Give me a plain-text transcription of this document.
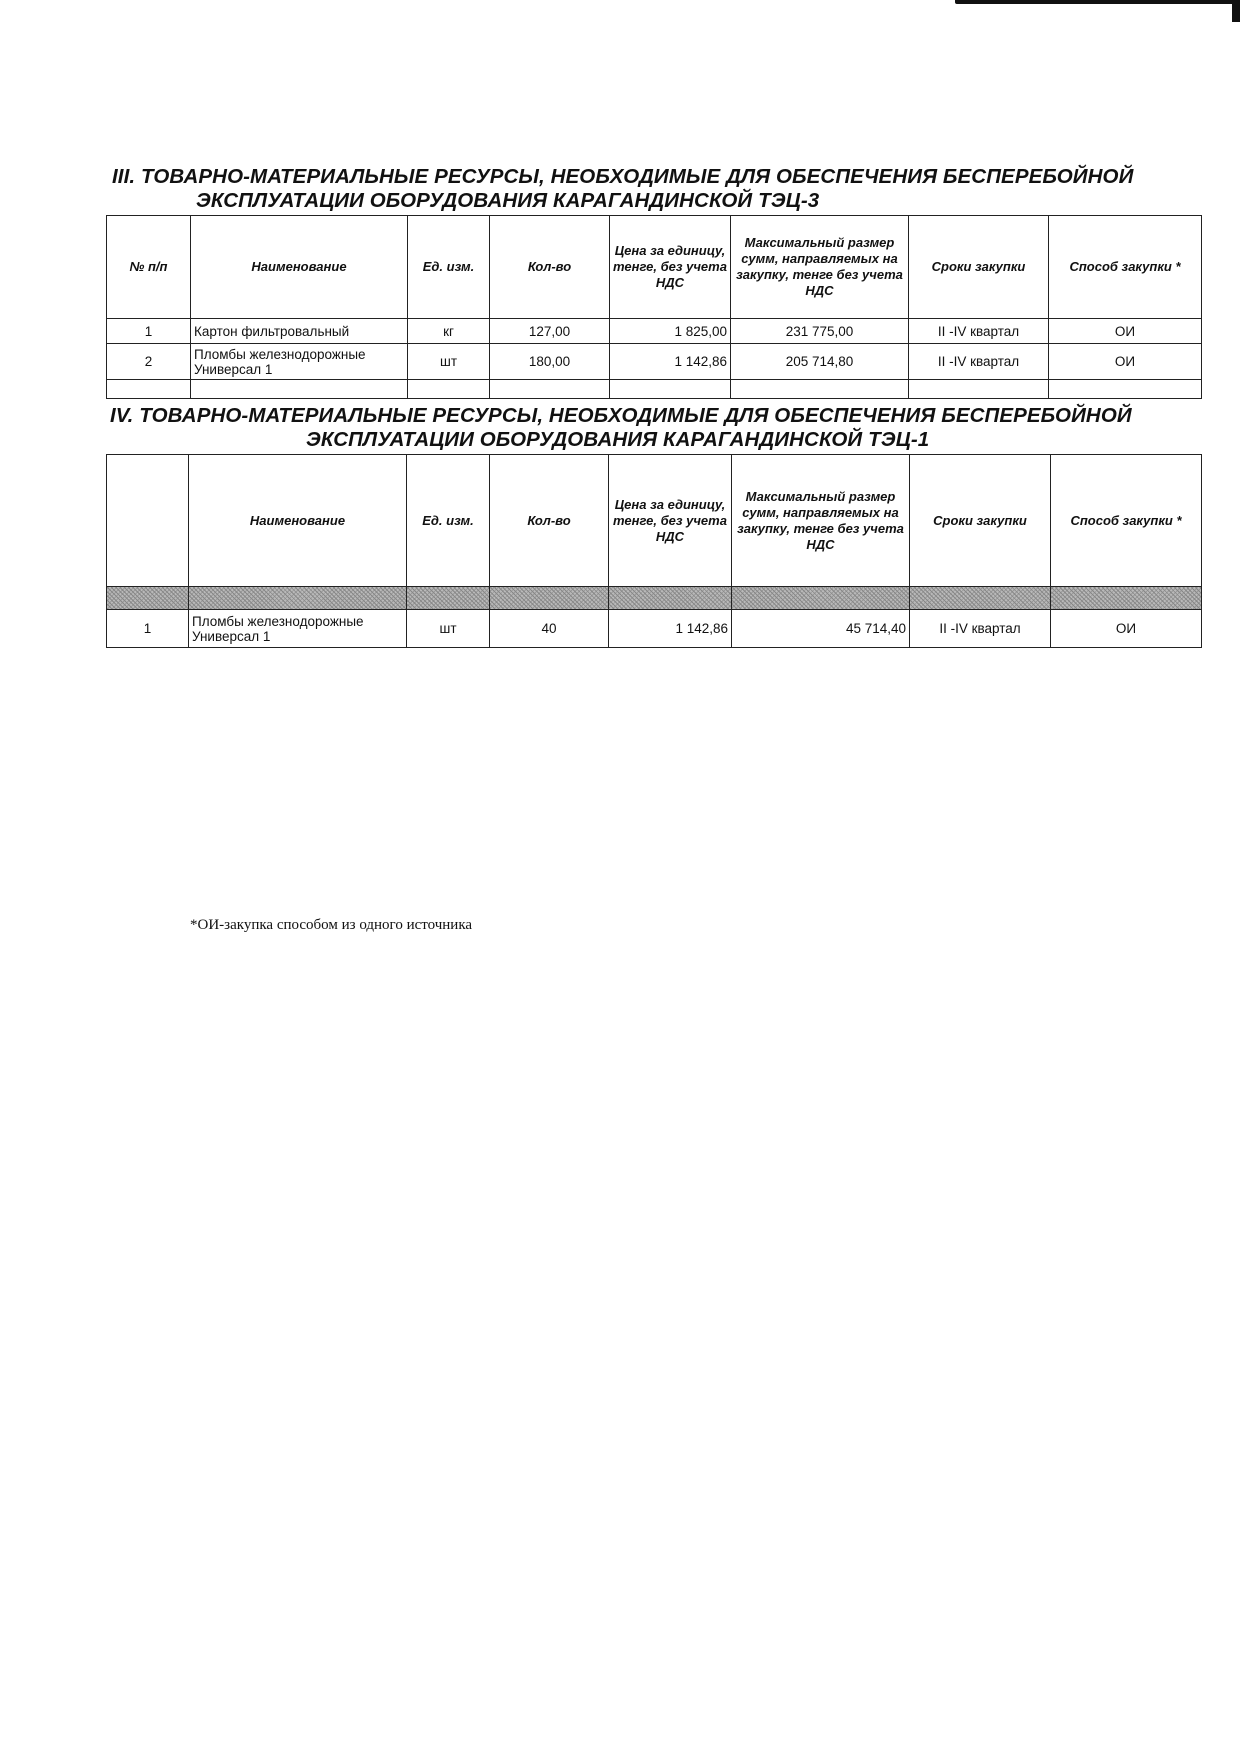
III. ТОВАРНО-МАТЕРИАЛЬНЫЕ РЕСУРСЫ, НЕОБХОДИМЫЕ ДЛЯ ОБЕСПЕЧЕНИЯ БЕСПЕРЕБОЙНОЙ
ЭКСПЛУАТАЦИИ ОБОРУДОВАНИЯ КАРАГАНДИНСКОЙ ТЭЦ-3
№ п/п	Наименование	Ед. изм.	Кол-во	Цена за единицу, тенге, без учета НДС	Максимальный размер сумм, направляемых на закупку, тенге без учета НДС	Сроки закупки	Способ закупки *
1	Картон фильтровальный	кг	127,00	1 825,00	231 775,00	II -IV квартал	ОИ
2	Пломбы железнодорожные Универсал 1	шт	180,00	1 142,86	205 714,80	II -IV квартал	ОИ

IV. ТОВАРНО-МАТЕРИАЛЬНЫЕ РЕСУРСЫ, НЕОБХОДИМЫЕ ДЛЯ ОБЕСПЕЧЕНИЯ БЕСПЕРЕБОЙНОЙ
ЭКСПЛУАТАЦИИ ОБОРУДОВАНИЯ КАРАГАНДИНСКОЙ ТЭЦ-1
	Наименование	Ед. изм.	Кол-во	Цена за единицу, тенге, без учета НДС	Максимальный размер сумм, направляемых на закупку, тенге без учета НДС	Сроки закупки	Способ закупки *

1	Пломбы железнодорожные Универсал 1	шт	40	1 142,86	45 714,40	II -IV квартал	ОИ
*ОИ-закупка способом из одного источника
